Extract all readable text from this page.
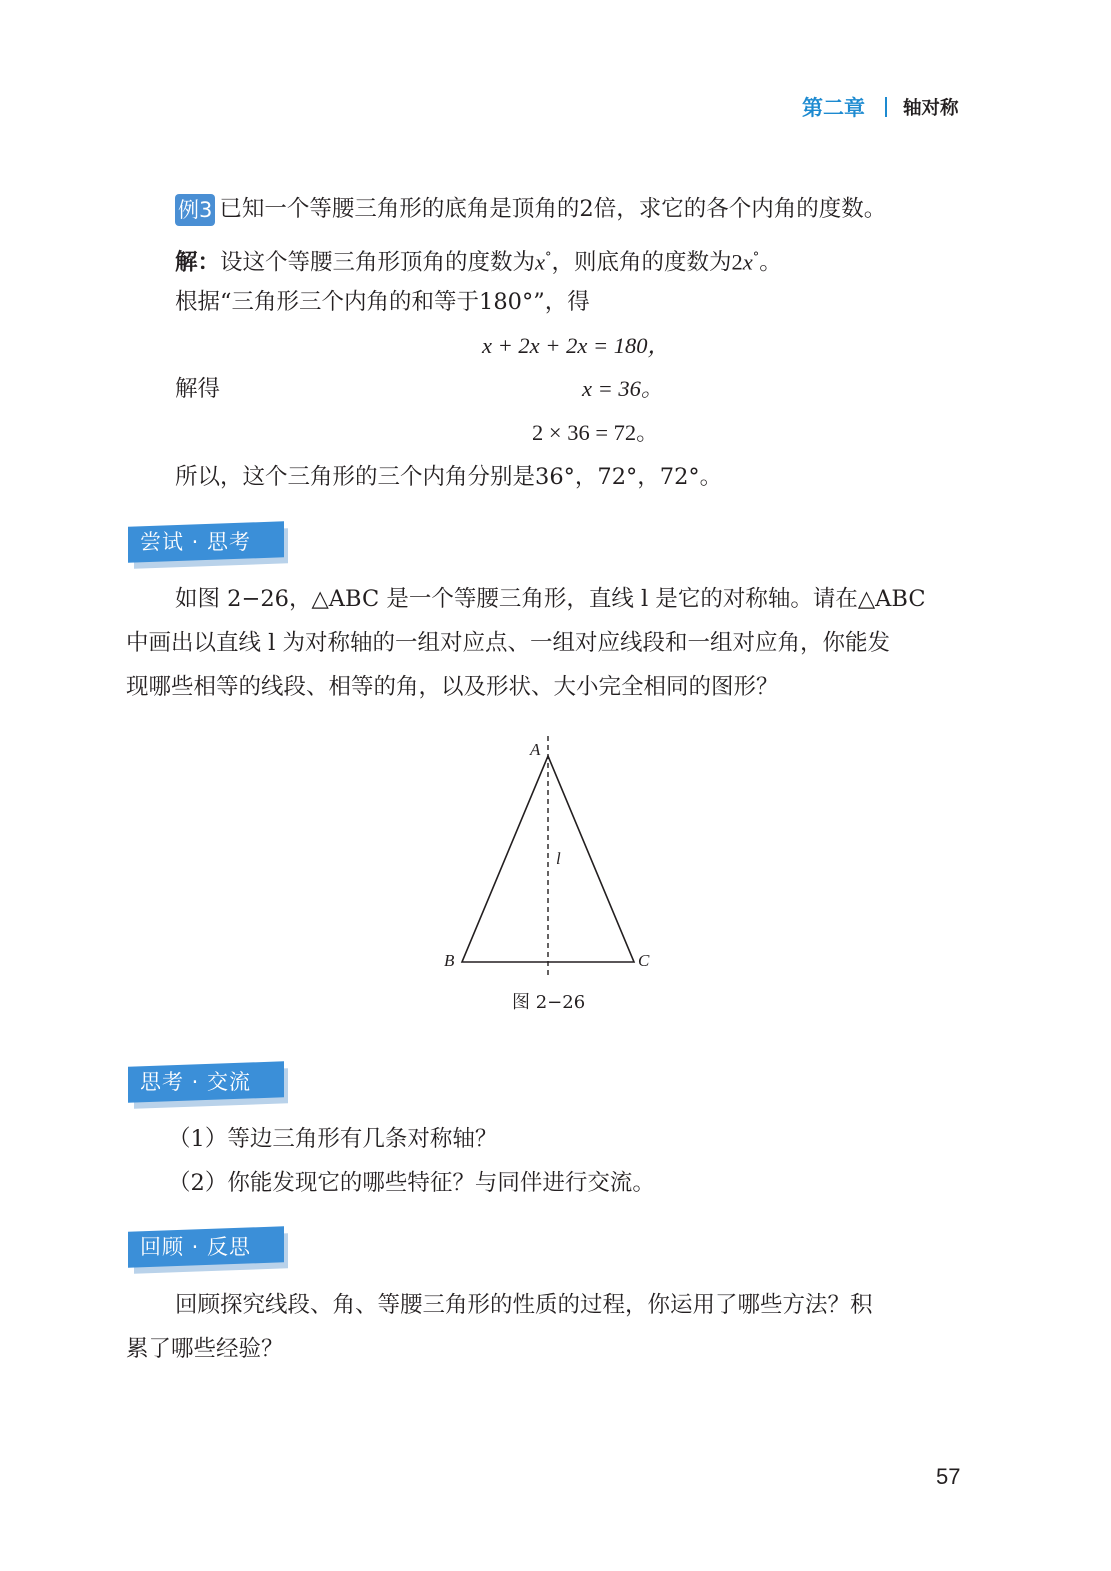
第二章 轴对称
例3 已知一个等腰三角形的底角是顶角的2倍，求它的各个内角的度数。
解：设这个等腰三角形顶角的度数为x°，则底角的度数为2x°。
根据“三角形三个内角的和等于180°”，得
x + 2x + 2x = 180，
解得	x = 36。
2 × 36 = 72。
所以，这个三角形的三个内角分别是36°，72°，72°。
尝试 · 思考
如图 2−26，△ABC 是一个等腰三角形，直线 l 是它的对称轴。请在△ABC
中画出以直线 l 为对称轴的一组对应点、一组对应线段和一组对应角，你能发
现哪些相等的线段、相等的角，以及形状、大小完全相同的图形？
A
B	C
l
图 2−26
思考 · 交流
（1）等边三角形有几条对称轴？
（2）你能发现它的哪些特征？与同伴进行交流。
回顾 · 反思
回顾探究线段、角、等腰三角形的性质的过程，你运用了哪些方法？积
累了哪些经验？
57
